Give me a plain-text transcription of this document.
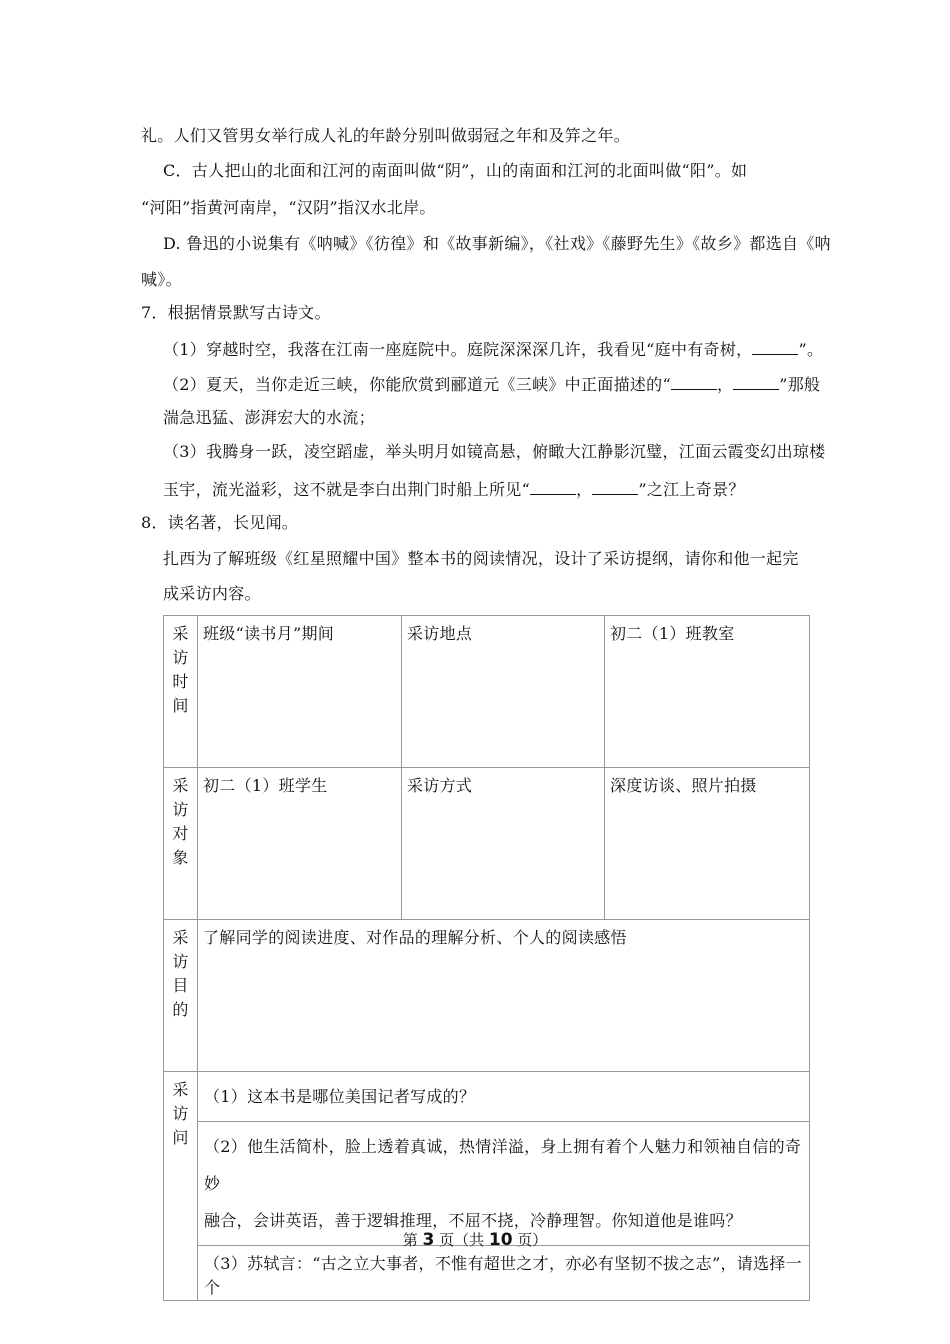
礼。人们又管男女举行成人礼的年龄分别叫做弱冠之年和及笄之年。
C．古人把山的北面和江河的南面叫做“阴”，山的南面和江河的北面叫做“阳”。如
“河阳”指黄河南岸，“汉阴”指汉水北岸。
D. 鲁迅的小说集有《呐喊》《彷徨》和《故事新编》，《社戏》《藤野先生》《故乡》都选自《呐
喊》。
7．根据情景默写古诗文。
（1）穿越时空，我落在江南一座庭院中。庭院深深深几许，我看见“庭中有奇树，	”。
（2）夏天，当你走近三峡，你能欣赏到郦道元《三峡》中正面描述的“	，	”那般
湍急迅猛、澎湃宏大的水流；
（3）我腾身一跃，凌空蹈虚，举头明月如镜高悬，俯瞰大江静影沉璧，江面云霞变幻出琼楼
玉宇，流光溢彩，这不就是李白出荆门时船上所见“	，	”之江上奇景？
8．读名著，长见闻。
扎西为了解班级《红星照耀中国》整本书的阅读情况，设计了采访提纲，请你和他一起完
成采访内容。
采
访
时
间	班级“读书月”期间	采访地点	初二（1）班教室

采
访
对
象	初二（1）班学生	采访方式	深度访谈、照片拍摄

采
访
目
的	了解同学的阅读进度、对作品的理解分析、个人的阅读感悟		

采
访
问	（1）这本书是哪位美国记者写成的？		

	（2）他生活简朴，脸上透着真诚，热情洋溢，身上拥有着个人魅力和领袖自信的奇妙
融合，会讲英语，善于逻辑推理，不屈不挠，冷静理智。你知道他是谁吗？		

	（3）苏轼言：“古之立大事者，不惟有超世之才，亦必有坚韧不拔之志”，请选择一个		
第 3 页（共 10 页）
